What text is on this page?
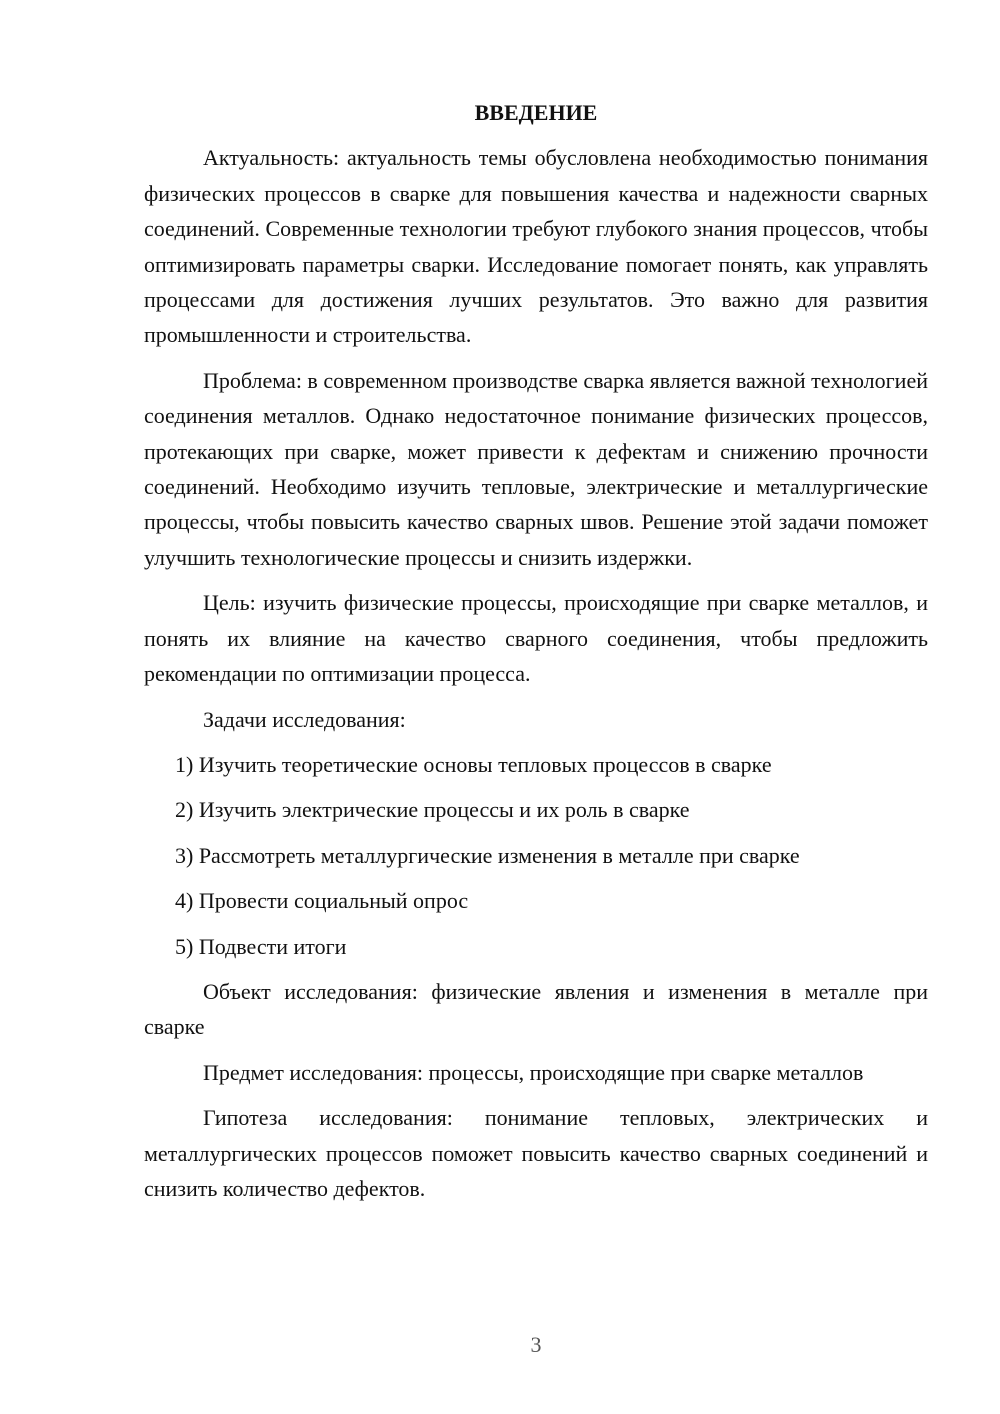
ВВЕДЕНИЕ

Актуальность: актуальность темы обусловлена необходимостью понимания физических процессов в сварке для повышения качества и надежности сварных соединений. Современные технологии требуют глубокого знания процессов, чтобы оптимизировать параметры сварки. Исследование помогает понять, как управлять процессами для достижения лучших результатов. Это важно для развития промышленности и строительства.

Проблема: в современном производстве сварка является важной технологией соединения металлов. Однако недостаточное понимание физических процессов, протекающих при сварке, может привести к дефектам и снижению прочности соединений. Необходимо изучить тепловые, электрические и металлургические процессы, чтобы повысить качество сварных швов. Решение этой задачи поможет улучшить технологические процессы и снизить издержки.

Цель: изучить физические процессы, происходящие при сварке металлов, и понять их влияние на качество сварного соединения, чтобы предложить рекомендации по оптимизации процесса.

Задачи исследования:

1) Изучить теоретические основы тепловых процессов в сварке
2) Изучить электрические процессы и их роль в сварке
3) Рассмотреть металлургические изменения в металле при сварке
4) Провести социальный опрос
5) Подвести итоги

Объект исследования: физические явления и изменения в металле при сварке

Предмет исследования: процессы, происходящие при сварке металлов

Гипотеза исследования: понимание тепловых, электрических и металлургических процессов поможет повысить качество сварных соединений и снизить количество дефектов.

3
